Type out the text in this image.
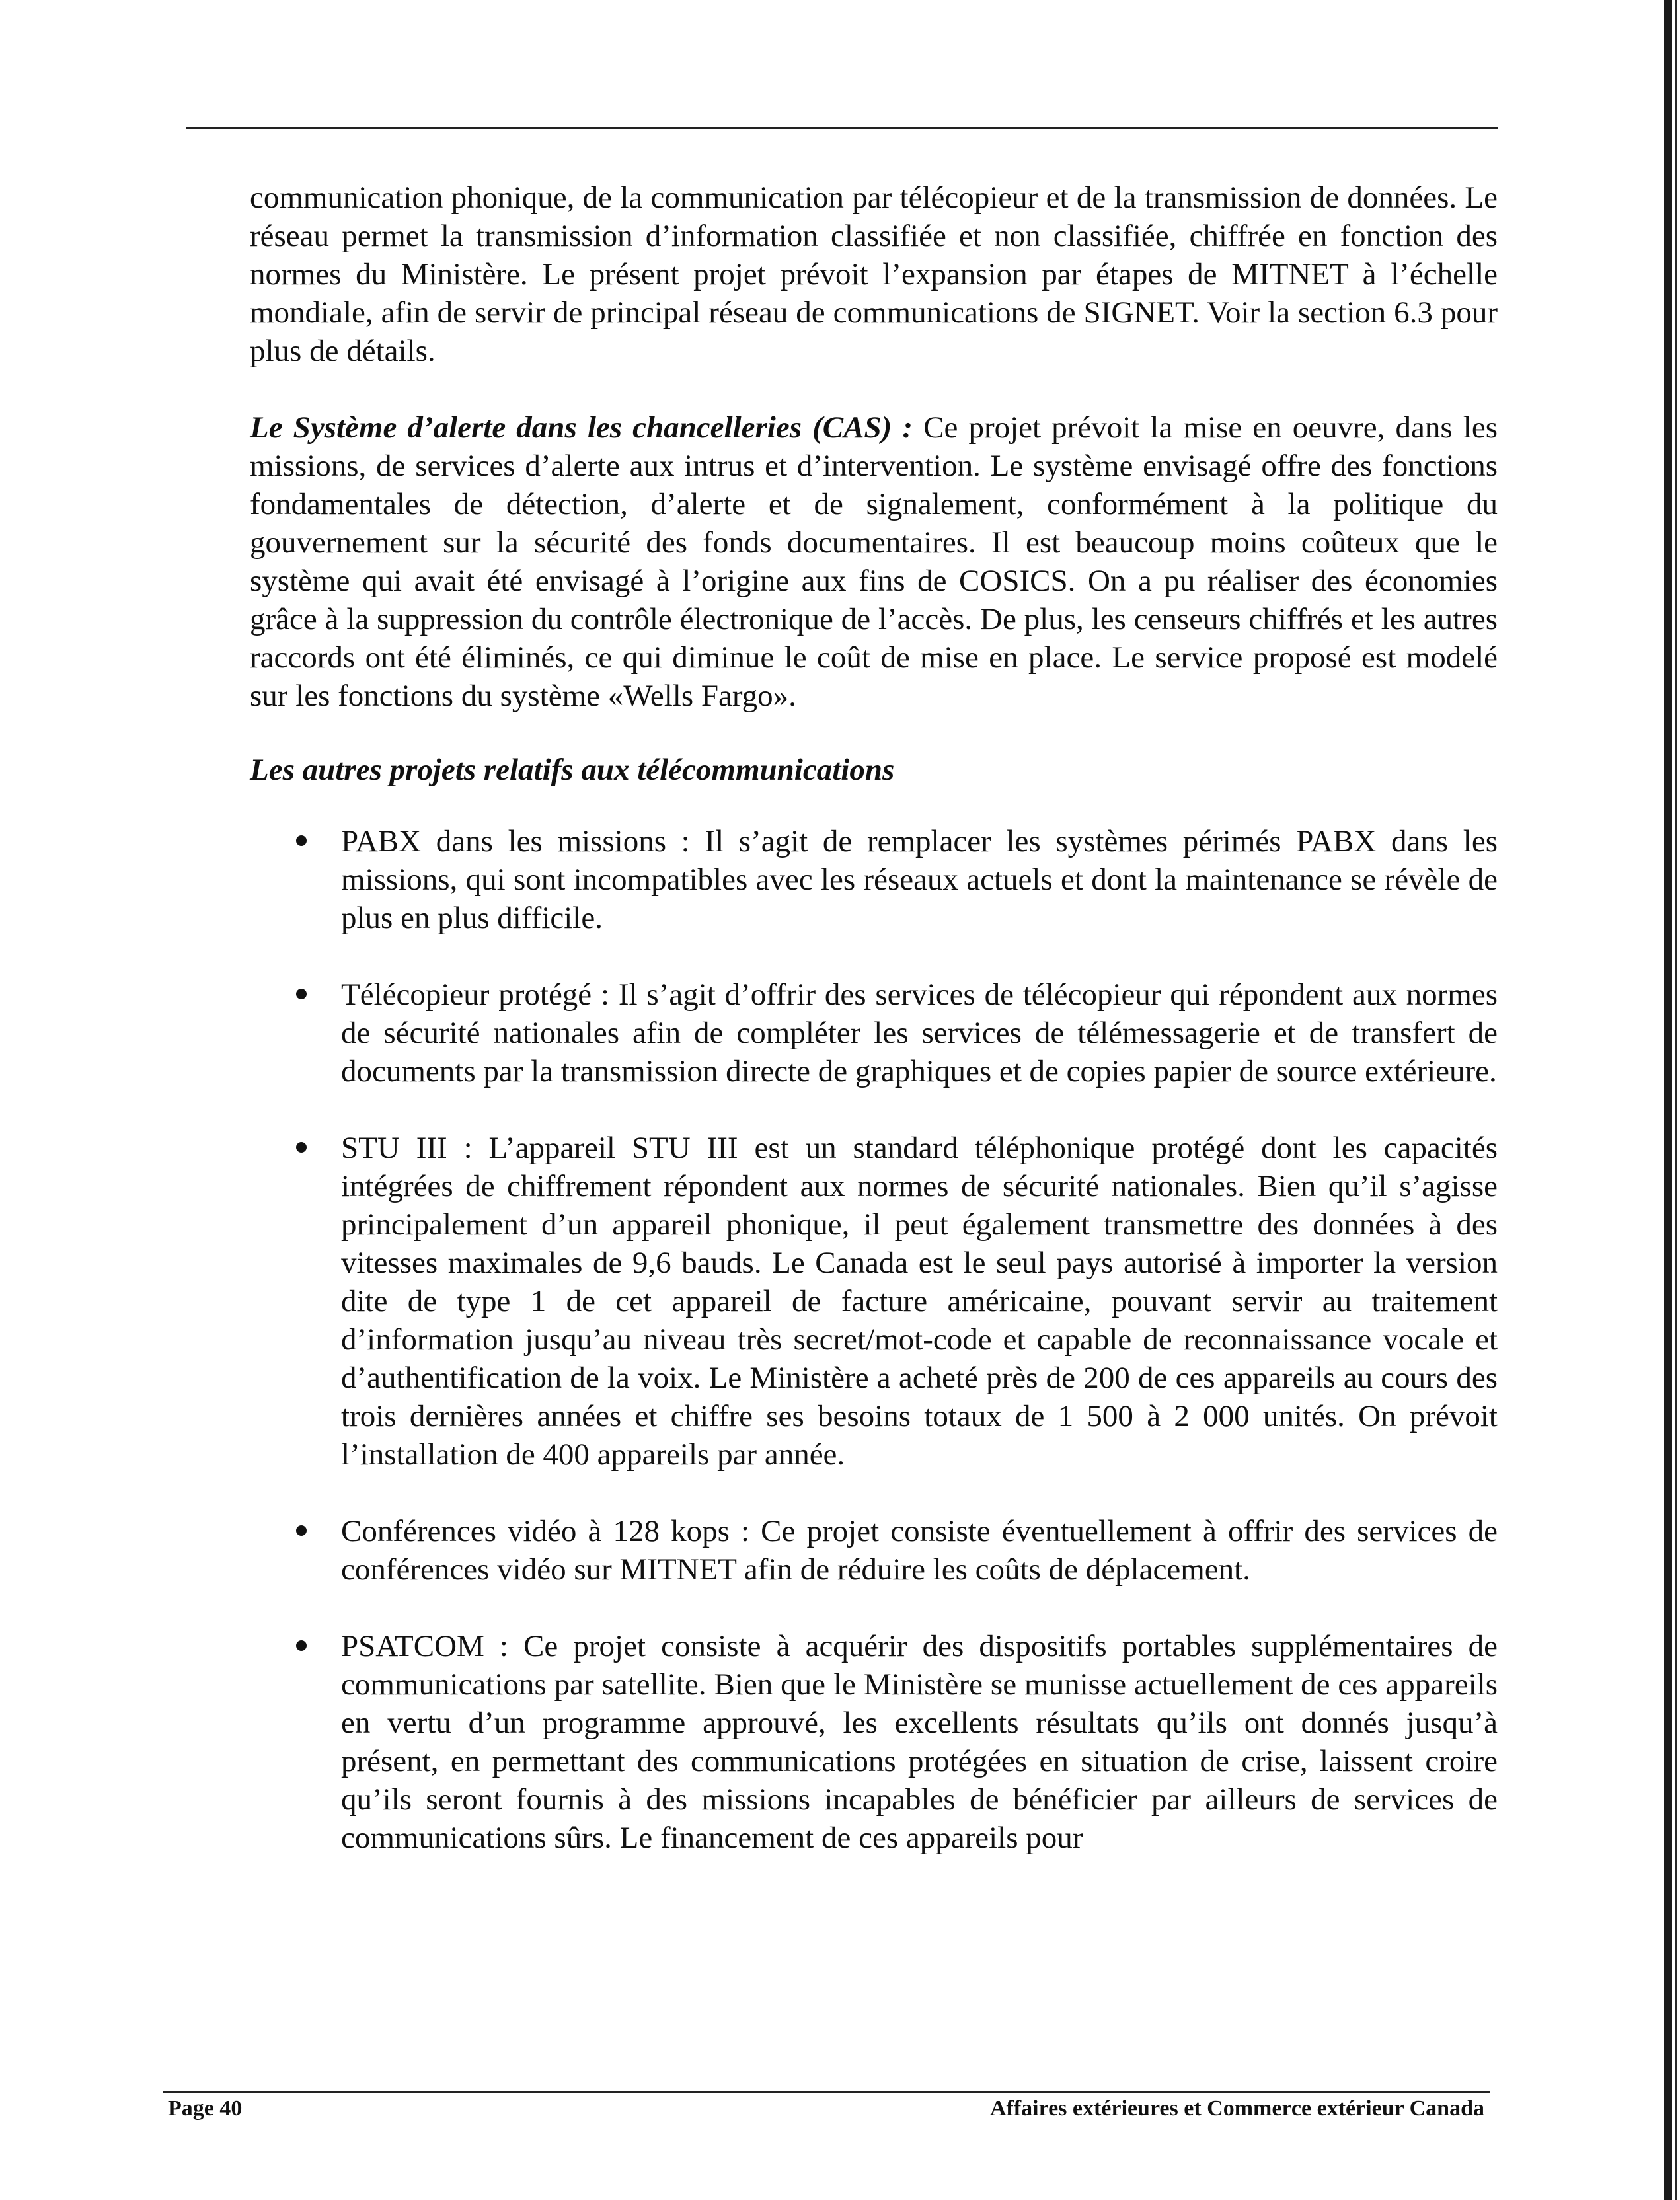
communication phonique, de la communication par télécopieur et de la transmission de données. Le réseau permet la transmission d’information classifiée et non classifiée, chiffrée en fonction des normes du Ministère. Le présent projet prévoit l’expansion par étapes de MITNET à l’échelle mondiale, afin de servir de principal réseau de communications de SIGNET. Voir la section 6.3 pour plus de détails.

Le Système d’alerte dans les chancelleries (CAS) : Ce projet prévoit la mise en oeuvre, dans les missions, de services d’alerte aux intrus et d’intervention. Le système envisagé offre des fonctions fondamentales de détection, d’alerte et de signalement, conformément à la politique du gouvernement sur la sécurité des fonds documentaires. Il est beaucoup moins coûteux que le système qui avait été envisagé à l’origine aux fins de COSICS. On a pu réaliser des économies grâce à la suppression du contrôle électronique de l’accès. De plus, les censeurs chiffrés et les autres raccords ont été éliminés, ce qui diminue le coût de mise en place. Le service proposé est modelé sur les fonctions du système «Wells Fargo».

Les autres projets relatifs aux télécommunications
PABX dans les missions : Il s’agit de remplacer les systèmes périmés PABX dans les missions, qui sont incompatibles avec les réseaux actuels et dont la maintenance se révèle de plus en plus difficile.
Télécopieur protégé : Il s’agit d’offrir des services de télécopieur qui répondent aux normes de sécurité nationales afin de compléter les services de télémessagerie et de transfert de documents par la transmission directe de graphiques et de copies papier de source extérieure.
STU III : L’appareil STU III est un standard téléphonique protégé dont les capacités intégrées de chiffrement répondent aux normes de sécurité nationales. Bien qu’il s’agisse principalement d’un appareil phonique, il peut également transmettre des données à des vitesses maximales de 9,6 bauds. Le Canada est le seul pays autorisé à importer la version dite de type 1 de cet appareil de facture américaine, pouvant servir au traitement d’information jusqu’au niveau très secret/mot-code et capable de reconnaissance vocale et d’authentification de la voix. Le Ministère a acheté près de 200 de ces appareils au cours des trois dernières années et chiffre ses besoins totaux de 1 500 à 2 000 unités. On prévoit l’installation de 400 appareils par année.
Conférences vidéo à 128 kops : Ce projet consiste éventuellement à offrir des services de conférences vidéo sur MITNET afin de réduire les coûts de déplacement.
PSATCOM : Ce projet consiste à acquérir des dispositifs portables supplémentaires de communications par satellite. Bien que le Ministère se munisse actuellement de ces appareils en vertu d’un programme approuvé, les excellents résultats qu’ils ont donnés jusqu’à présent, en permettant des communications protégées en situation de crise, laissent croire qu’ils seront fournis à des missions incapables de bénéficier par ailleurs de services de communications sûrs. Le financement de ces appareils pour
Page 40	Affaires extérieures et Commerce extérieur Canada
